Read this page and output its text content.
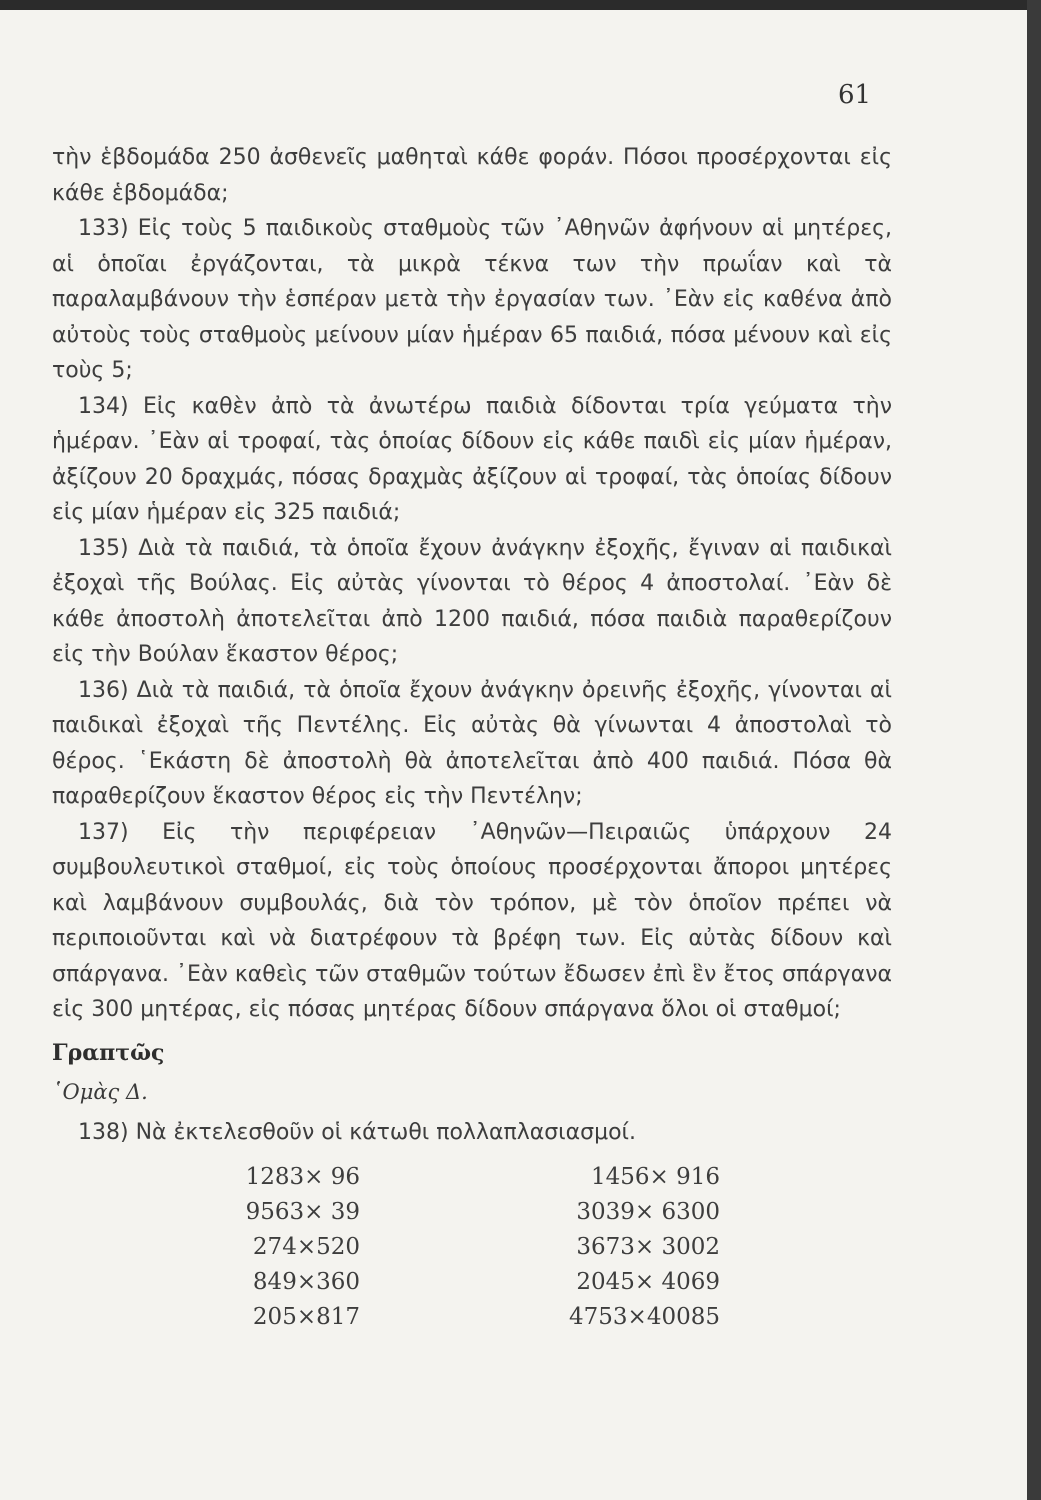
61

τὴν ἑβδομάδα 250 ἀσθενεῖς μαθηταὶ κάθε φοράν. Πόσοι προσέρχονται εἰς κάθε ἑβδομάδα;

133) Εἰς τοὺς 5 παιδικοὺς σταθμοὺς τῶν ᾿Αθηνῶν ἀφήνουν αἱ μητέρες, αἱ ὁποῖαι ἐργάζονται, τὰ μικρὰ τέκνα των τὴν πρωΐαν καὶ τὰ παραλαμβάνουν τὴν ἑσπέραν μετὰ τὴν ἐργασίαν των. ᾿Εὰν εἰς καθένα ἀπὸ αὐτοὺς τοὺς σταθμοὺς μείνουν μίαν ἡμέραν 65 παιδιά, πόσα μένουν καὶ εἰς τοὺς 5;

134) Εἰς καθὲν ἀπὸ τὰ ἀνωτέρω παιδιὰ δίδονται τρία γεύματα τὴν ἡμέραν. ᾿Εὰν αἱ τροφαί, τὰς ὁποίας δίδουν εἰς κάθε παιδὶ εἰς μίαν ἡμέραν, ἀξίζουν 20 δραχμάς, πόσας δραχμὰς ἀξίζουν αἱ τροφαί, τὰς ὁποίας δίδουν εἰς μίαν ἡμέραν εἰς 325 παιδιά;

135) Διὰ τὰ παιδιά, τὰ ὁποῖα ἔχουν ἀνάγκην ἐξοχῆς, ἔγιναν αἱ παιδικαὶ ἐξοχαὶ τῆς Βούλας. Εἰς αὐτὰς γίνονται τὸ θέρος 4 ἀποστολαί. ᾿Εὰν δὲ κάθε ἀποστολὴ ἀποτελεῖται ἀπὸ 1200 παιδιά, πόσα παιδιὰ παραθερίζουν εἰς τὴν Βούλαν ἕκαστον θέρος;

136) Διὰ τὰ παιδιά, τὰ ὁποῖα ἔχουν ἀνάγκην ὀρεινῆς ἐξοχῆς, γίνονται αἱ παιδικαὶ ἐξοχαὶ τῆς Πεντέλης. Εἰς αὐτὰς θὰ γίνωνται 4 ἀποστολαὶ τὸ θέρος. ῾Εκάστη δὲ ἀποστολὴ θὰ ἀποτελεῖται ἀπὸ 400 παιδιά. Πόσα θὰ παραθερίζουν ἕκαστον θέρος εἰς τὴν Πεντέλην;

137) Εἰς τὴν περιφέρειαν ᾿Αθηνῶν—Πειραιῶς ὑπάρχουν 24 συμβουλευτικοὶ σταθμοί, εἰς τοὺς ὁποίους προσέρχονται ἄποροι μητέρες καὶ λαμβάνουν συμβουλάς, διὰ τὸν τρόπον, μὲ τὸν ὁποῖον πρέπει νὰ περιποιοῦνται καὶ νὰ διατρέφουν τὰ βρέφη των. Εἰς αὐτὰς δίδουν καὶ σπάργανα. ᾿Εὰν καθεὶς τῶν σταθμῶν τούτων ἔδωσεν ἐπὶ ἓν ἔτος σπάργανα εἰς 300 μητέρας, εἰς πόσας μητέρας δίδουν σπάργανα ὅλοι οἱ σταθμοί;

Γραπτῶς
῾Ομὰς Δ.
138) Νὰ ἐκτελεσθοῦν οἱ κάτωθι πολλαπλασιασμοί.
1283× 96
9563× 39
274×520
849×360
205×817
1456× 916
3039× 6300
3673× 3002
2045× 4069
4753×40085
